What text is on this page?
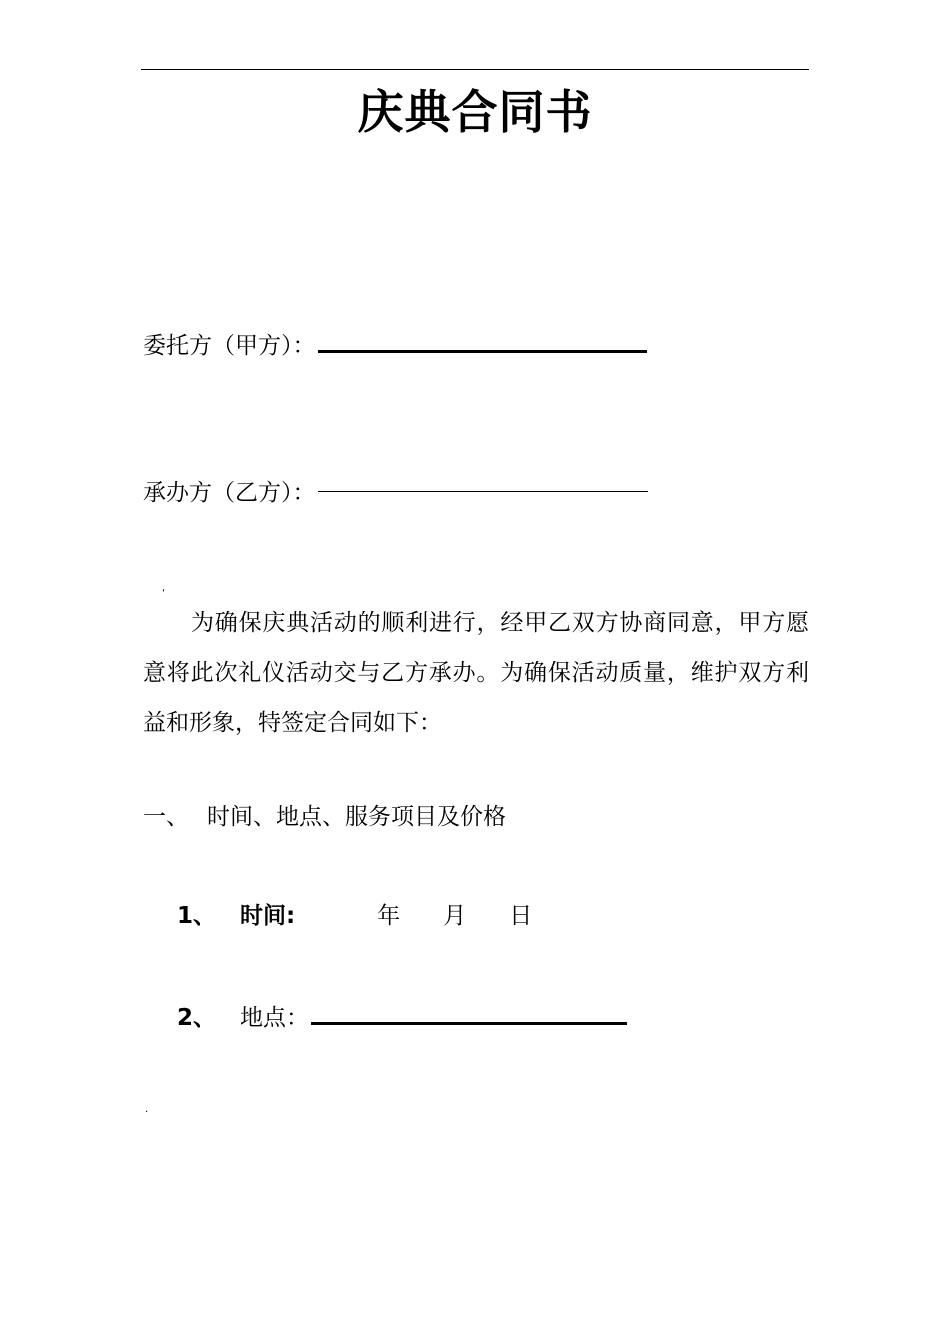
庆典合同书
委托方（甲方）：
承办方（乙方）：
‘
为确保庆典活动的顺利进行，经甲乙双方协商同意，甲方愿意将此次礼仪活动交与乙方承办。为确保活动质量，维护双方利益和形象，特签定合同如下：
一、 时间、地点、服务项目及价格
1、 时间:	年 月 日
2、 地点：
.
